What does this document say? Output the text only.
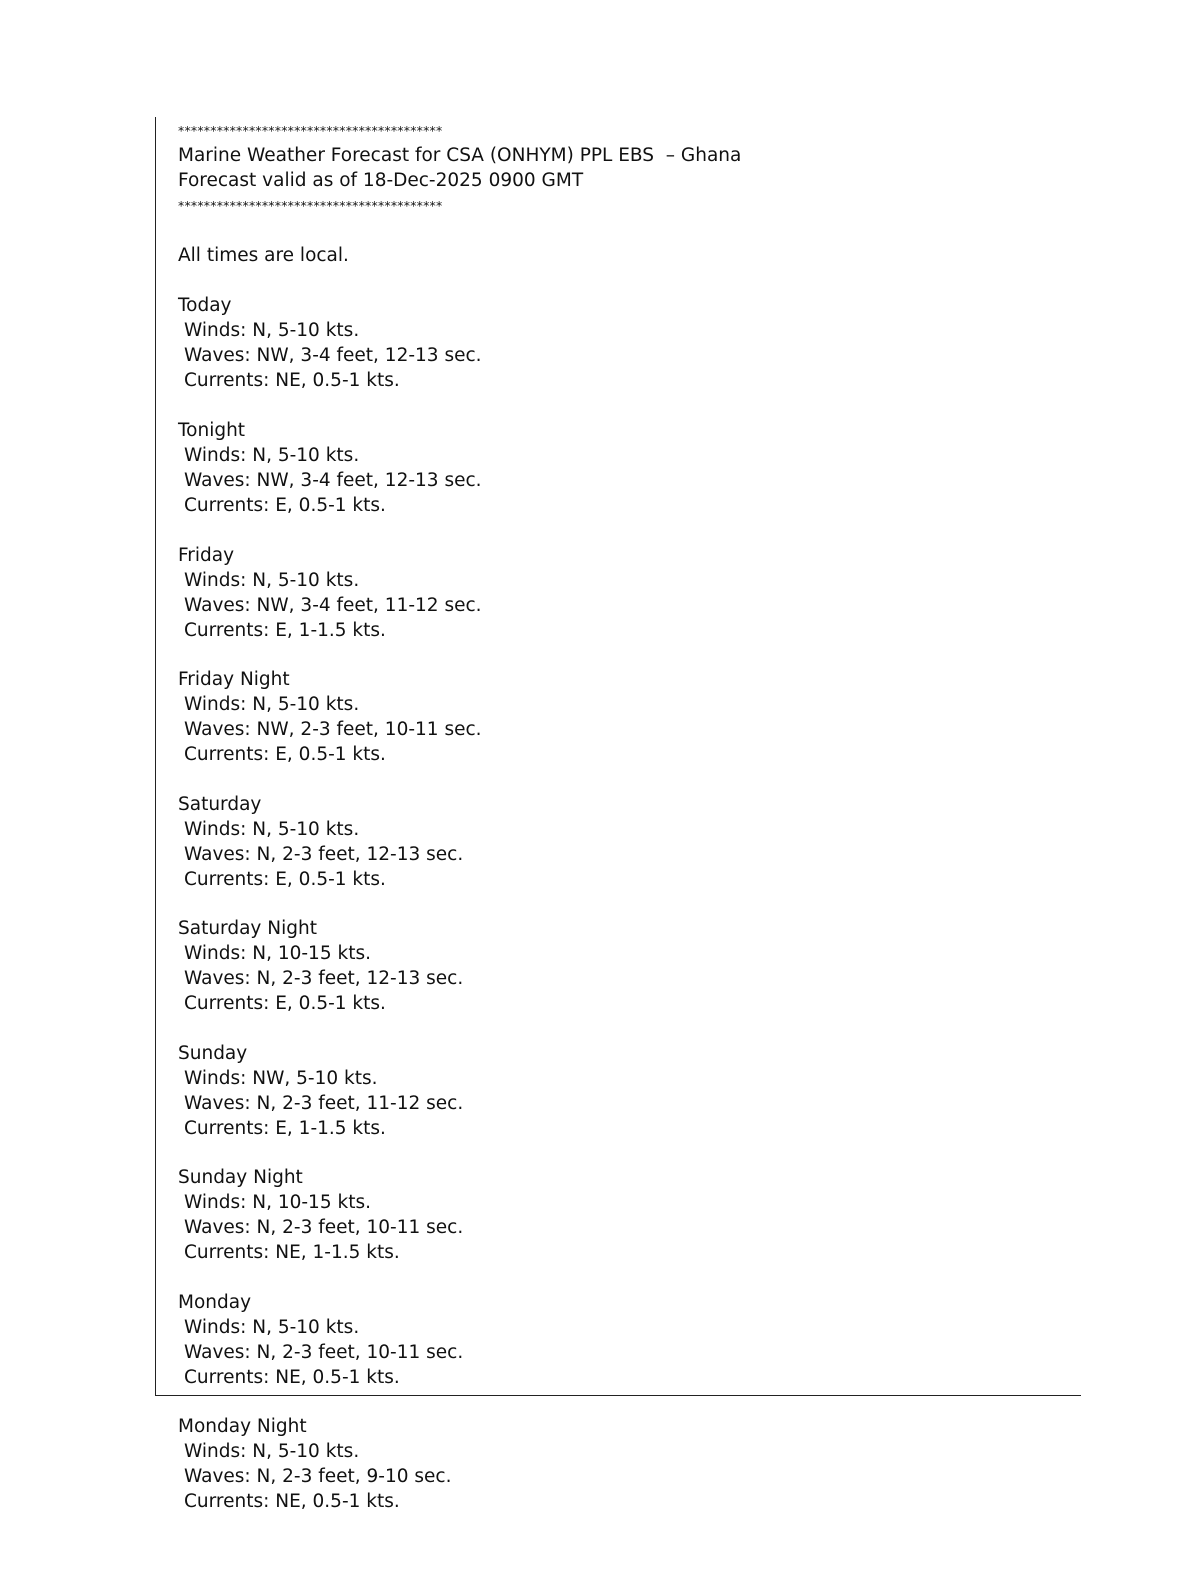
*****************************************
Marine Weather Forecast for CSA (ONHYM) PPL EBS  – Ghana
Forecast valid as of 18-Dec-2025 0900 GMT
*****************************************
All times are local.
Today
Winds: N, 5-10 kts.
Waves: NW, 3-4 feet, 12-13 sec.
Currents: NE, 0.5-1 kts.
Tonight
Winds: N, 5-10 kts.
Waves: NW, 3-4 feet, 12-13 sec.
Currents: E, 0.5-1 kts.
Friday
Winds: N, 5-10 kts.
Waves: NW, 3-4 feet, 11-12 sec.
Currents: E, 1-1.5 kts.
Friday Night
Winds: N, 5-10 kts.
Waves: NW, 2-3 feet, 10-11 sec.
Currents: E, 0.5-1 kts.
Saturday
Winds: N, 5-10 kts.
Waves: N, 2-3 feet, 12-13 sec.
Currents: E, 0.5-1 kts.
Saturday Night
Winds: N, 10-15 kts.
Waves: N, 2-3 feet, 12-13 sec.
Currents: E, 0.5-1 kts.
Sunday
Winds: NW, 5-10 kts.
Waves: N, 2-3 feet, 11-12 sec.
Currents: E, 1-1.5 kts.
Sunday Night
Winds: N, 10-15 kts.
Waves: N, 2-3 feet, 10-11 sec.
Currents: NE, 1-1.5 kts.
Monday
Winds: N, 5-10 kts.
Waves: N, 2-3 feet, 10-11 sec.
Currents: NE, 0.5-1 kts.
Monday Night
Winds: N, 5-10 kts.
Waves: N, 2-3 feet, 9-10 sec.
Currents: NE, 0.5-1 kts.
